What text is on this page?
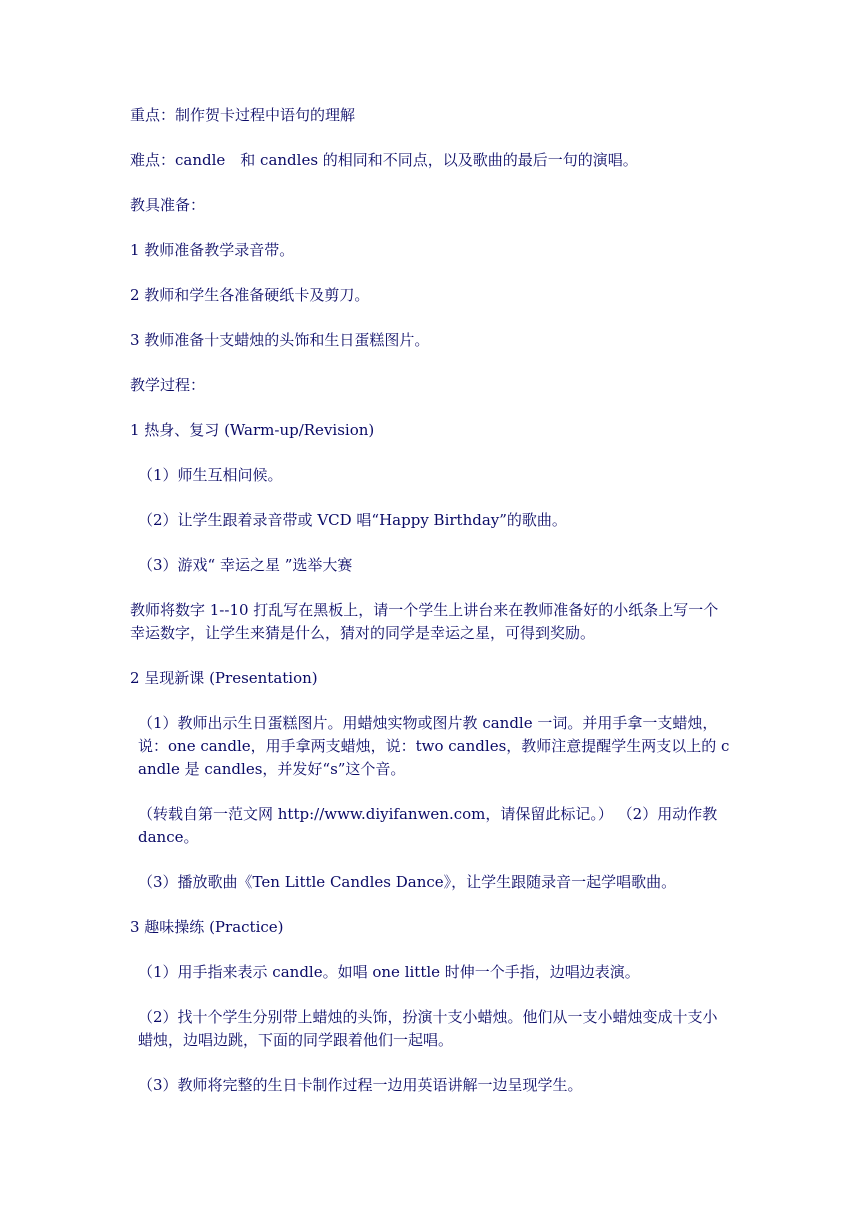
重点：制作贺卡过程中语句的理解

难点：candle　和 candles 的相同和不同点，以及歌曲的最后一句的演唱。

教具准备：

1 教师准备教学录音带。

2 教师和学生各准备硬纸卡及剪刀。

3 教师准备十支蜡烛的头饰和生日蛋糕图片。

教学过程：

1 热身、复习 (Warm-up/Revision)

（1）师生互相问候。

（2）让学生跟着录音带或 VCD 唱“Happy Birthday”的歌曲。

（3）游戏“ 幸运之星 ”选举大赛

教师将数字 1--10 打乱写在黑板上，请一个学生上讲台来在教师准备好的小纸条上写一个幸运数字，让学生来猜是什么，猜对的同学是幸运之星，可得到奖励。

2 呈现新课 (Presentation)

（1）教师出示生日蛋糕图片。用蜡烛实物或图片教 candle 一词。并用手拿一支蜡烛，说：one candle，用手拿两支蜡烛，说：two candles，教师注意提醒学生两支以上的 candle 是 candles，并发好“s”这个音。

（转载自第一范文网 http://www.diyifanwen.com，请保留此标记。） （2）用动作教 dance。

（3）播放歌曲《Ten Little Candles Dance》，让学生跟随录音一起学唱歌曲。

3 趣味操练 (Practice)

（1）用手指来表示 candle。如唱 one little 时伸一个手指，边唱边表演。

（2）找十个学生分别带上蜡烛的头饰，扮演十支小蜡烛。他们从一支小蜡烛变成十支小蜡烛，边唱边跳，下面的同学跟着他们一起唱。

（3）教师将完整的生日卡制作过程一边用英语讲解一边呈现学生。
